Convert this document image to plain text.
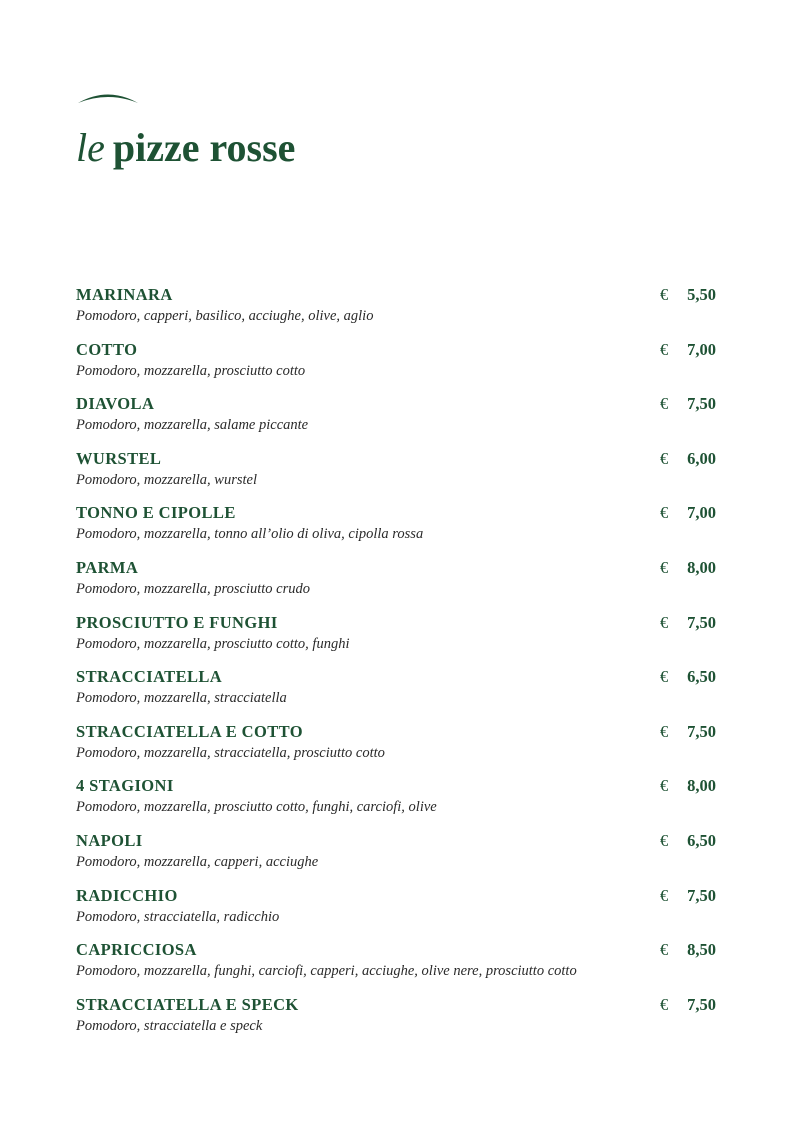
le pizze rosse
MARINARA
Pomodoro, capperi, basilico, acciughe, olive, aglio
€ 5,50
COTTO
Pomodoro, mozzarella, prosciutto cotto
€ 7,00
DIAVOLA
Pomodoro, mozzarella, salame piccante
€ 7,50
WURSTEL
Pomodoro, mozzarella, wurstel
€ 6,00
TONNO E CIPOLLE
Pomodoro, mozzarella, tonno all’olio di oliva, cipolla rossa
€ 7,00
PARMA
Pomodoro, mozzarella, prosciutto crudo
€ 8,00
PROSCIUTTO E FUNGHI
Pomodoro, mozzarella, prosciutto cotto, funghi
€ 7,50
STRACCIATELLA
Pomodoro, mozzarella, stracciatella
€ 6,50
STRACCIATELLA E COTTO
Pomodoro, mozzarella, stracciatella, prosciutto cotto
€ 7,50
4 STAGIONI
Pomodoro, mozzarella, prosciutto cotto, funghi, carciofi, olive
€ 8,00
NAPOLI
Pomodoro, mozzarella, capperi, acciughe
€ 6,50
RADICCHIO
Pomodoro, stracciatella, radicchio
€ 7,50
CAPRICCIOSA
Pomodoro, mozzarella, funghi, carciofi, capperi, acciughe, olive nere, prosciutto cotto
€ 8,50
STRACCIATELLA E SPECK
Pomodoro, stracciatella e speck
€ 7,50
